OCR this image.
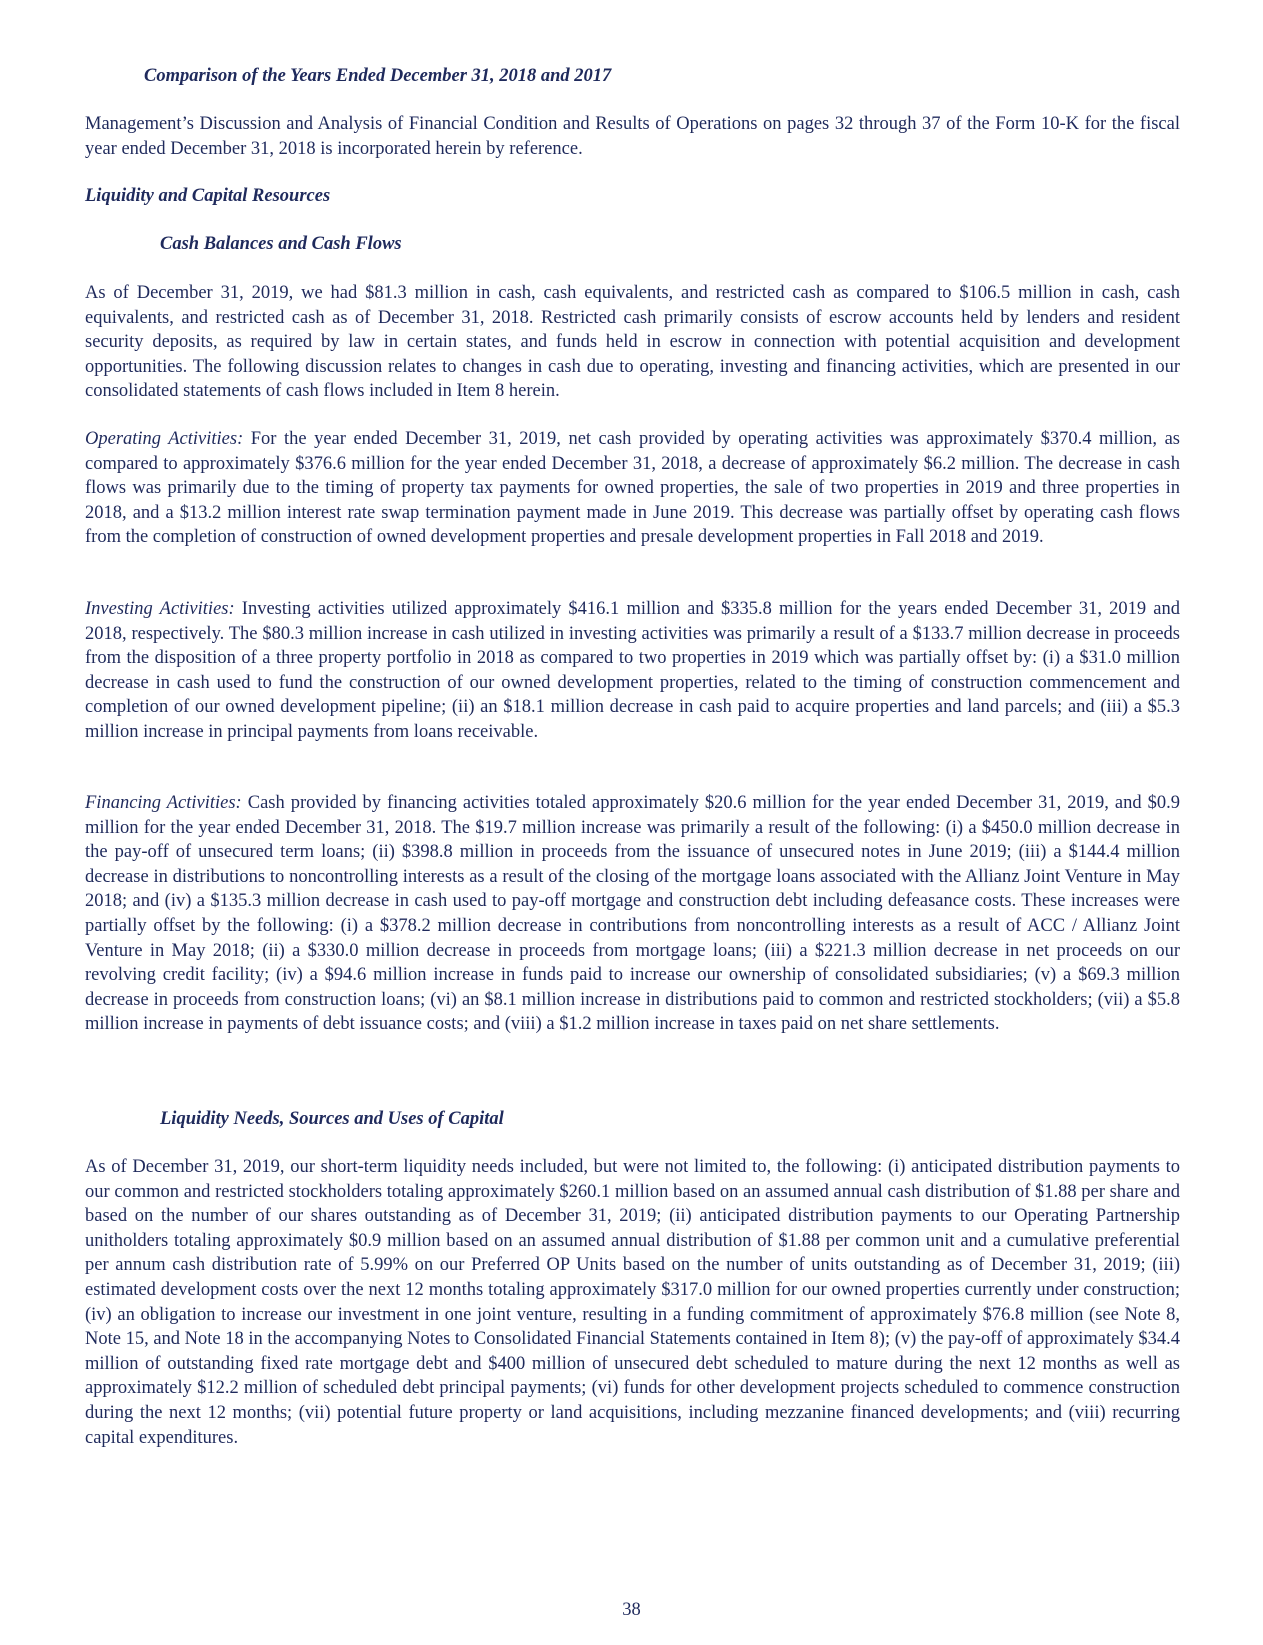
Comparison of the Years Ended December 31, 2018 and 2017

Management’s Discussion and Analysis of Financial Condition and Results of Operations on pages 32 through 37 of the Form 10-K for the fiscal year ended December 31, 2018 is incorporated herein by reference.

Liquidity and Capital Resources
Cash Balances and Cash Flows

As of December 31, 2019, we had $81.3 million in cash, cash equivalents, and restricted cash as compared to $106.5 million in cash, cash equivalents, and restricted cash as of December 31, 2018. Restricted cash primarily consists of escrow accounts held by lenders and resident security deposits, as required by law in certain states, and funds held in escrow in connection with potential acquisition and development opportunities. The following discussion relates to changes in cash due to operating, investing and financing activities, which are presented in our consolidated statements of cash flows included in Item 8 herein.

Operating Activities: For the year ended December 31, 2019, net cash provided by operating activities was approximately $370.4 million, as compared to approximately $376.6 million for the year ended December 31, 2018, a decrease of approximately $6.2 million. The decrease in cash flows was primarily due to the timing of property tax payments for owned properties, the sale of two properties in 2019 and three properties in 2018, and a $13.2 million interest rate swap termination payment made in June 2019. This decrease was partially offset by operating cash flows from the completion of construction of owned development properties and presale development properties in Fall 2018 and 2019.

Investing Activities: Investing activities utilized approximately $416.1 million and $335.8 million for the years ended December 31, 2019 and 2018, respectively. The $80.3 million increase in cash utilized in investing activities was primarily a result of a $133.7 million decrease in proceeds from the disposition of a three property portfolio in 2018 as compared to two properties in 2019 which was partially offset by: (i) a $31.0 million decrease in cash used to fund the construction of our owned development properties, related to the timing of construction commencement and completion of our owned development pipeline; (ii) an $18.1 million decrease in cash paid to acquire properties and land parcels; and (iii) a $5.3 million increase in principal payments from loans receivable.

Financing Activities: Cash provided by financing activities totaled approximately $20.6 million for the year ended December 31, 2019, and $0.9 million for the year ended December 31, 2018. The $19.7 million increase was primarily a result of the following: (i) a $450.0 million decrease in the pay-off of unsecured term loans; (ii) $398.8 million in proceeds from the issuance of unsecured notes in June 2019; (iii) a $144.4 million decrease in distributions to noncontrolling interests as a result of the closing of the mortgage loans associated with the Allianz Joint Venture in May 2018; and (iv) a $135.3 million decrease in cash used to pay-off mortgage and construction debt including defeasance costs. These increases were partially offset by the following: (i) a $378.2 million decrease in contributions from noncontrolling interests as a result of ACC / Allianz Joint Venture in May 2018; (ii) a $330.0 million decrease in proceeds from mortgage loans; (iii) a $221.3 million decrease in net proceeds on our revolving credit facility; (iv) a $94.6 million increase in funds paid to increase our ownership of consolidated subsidiaries; (v) a $69.3 million decrease in proceeds from construction loans; (vi) an $8.1 million increase in distributions paid to common and restricted stockholders; (vii) a $5.8 million increase in payments of debt issuance costs; and (viii) a $1.2 million increase in taxes paid on net share settlements.

Liquidity Needs, Sources and Uses of Capital

As of December 31, 2019, our short-term liquidity needs included, but were not limited to, the following: (i) anticipated distribution payments to our common and restricted stockholders totaling approximately $260.1 million based on an assumed annual cash distribution of $1.88 per share and based on the number of our shares outstanding as of December 31, 2019; (ii) anticipated distribution payments to our Operating Partnership unitholders totaling approximately $0.9 million based on an assumed annual distribution of $1.88 per common unit and a cumulative preferential per annum cash distribution rate of 5.99% on our Preferred OP Units based on the number of units outstanding as of December 31, 2019; (iii) estimated development costs over the next 12 months totaling approximately $317.0 million for our owned properties currently under construction; (iv) an obligation to increase our investment in one joint venture, resulting in a funding commitment of approximately $76.8 million (see Note 8, Note 15, and Note 18 in the accompanying Notes to Consolidated Financial Statements contained in Item 8); (v) the pay-off of approximately $34.4 million of outstanding fixed rate mortgage debt and $400 million of unsecured debt scheduled to mature during the next 12 months as well as approximately $12.2 million of scheduled debt principal payments; (vi) funds for other development projects scheduled to commence construction during the next 12 months; (vii) potential future property or land acquisitions, including mezzanine financed developments; and (viii) recurring capital expenditures.

38
